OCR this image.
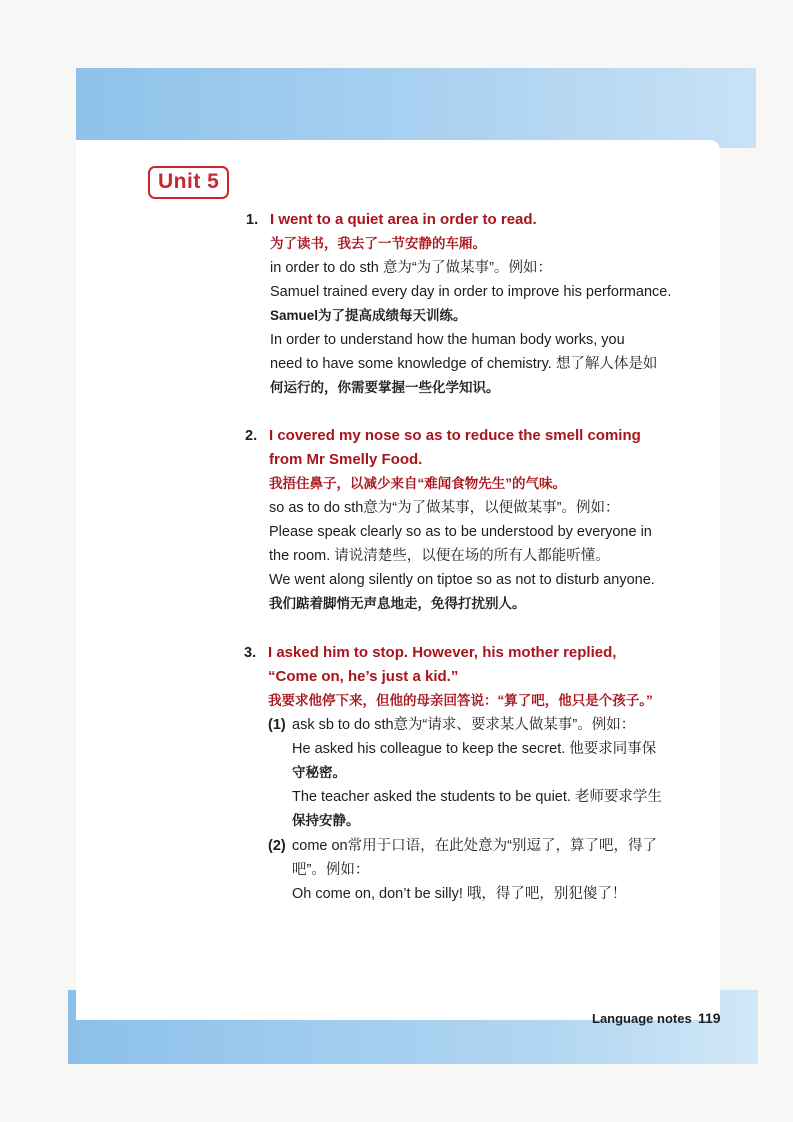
Unit 5
1. I went to a quiet area in order to read.
为了读书，我去了一节安静的车厢。
in order to do sth 意为“为了做某事”。例如：
Samuel trained every day in order to improve his performance.
Samuel为了提高成绩每天训练。
In order to understand how the human body works, you
need to have some knowledge of chemistry. 想了解人体是如
何运行的，你需要掌握一些化学知识。
2. I covered my nose so as to reduce the smell coming
from Mr Smelly Food.
我捂住鼻子，以减少来自“难闻食物先生”的气味。
so as to do sth意为“为了做某事，以便做某事”。例如：
Please speak clearly so as to be understood by everyone in
the room. 请说清楚些，以便在场的所有人都能听懂。
We went along silently on tiptoe so as not to disturb anyone.
我们踮着脚悄无声息地走，免得打扰别人。
3. I asked him to stop. However, his mother replied,
“Come on, he’s just a kid.”
我要求他停下来，但他的母亲回答说：“算了吧，他只是个孩子。”
(1) ask sb to do sth意为“请求、要求某人做某事”。例如：
He asked his colleague to keep the secret. 他要求同事保
守秘密。
The teacher asked the students to be quiet. 老师要求学生
保持安静。
(2) come on常用于口语，在此处意为“别逗了，算了吧，得了
吧”。例如：
Oh come on, don’t be silly! 哦，得了吧，别犯傻了！
Language notes 119
